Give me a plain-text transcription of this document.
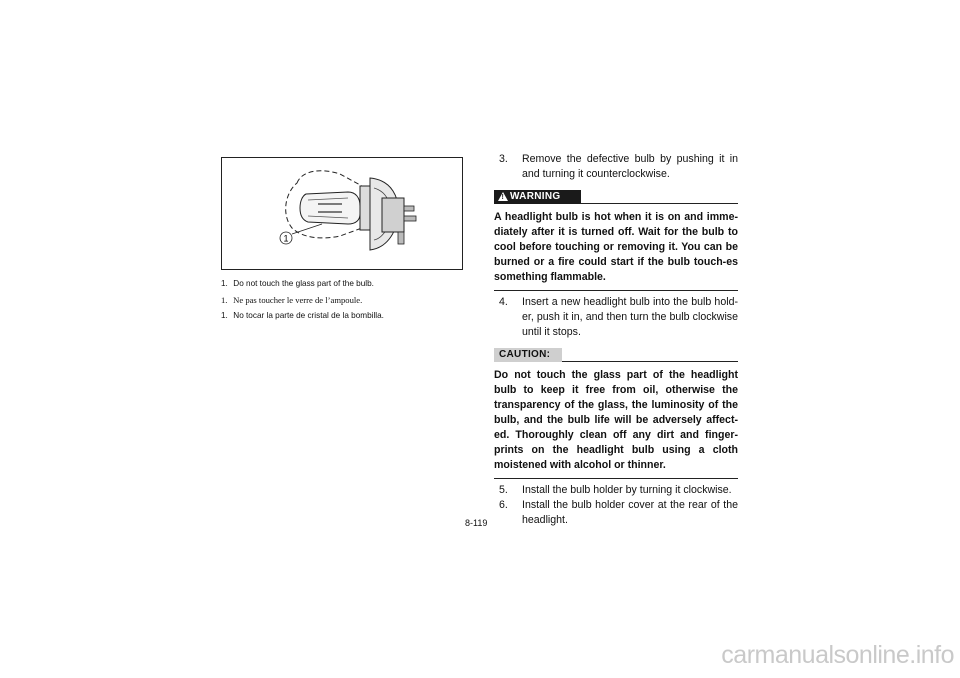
1
1. Do not touch the glass part of the bulb.
1. Ne pas toucher le verre de l’ampoule.
1. No tocar la parte de cristal de la bombilla.
3. Remove the defective bulb by pushing it in and turning it counterclockwise.
! WARNING
A headlight bulb is hot when it is on and imme-diately after it is turned off. Wait for the bulb to cool before touching or removing it. You can be burned or a fire could start if the bulb touch-es something flammable.
4. Insert a new headlight bulb into the bulb hold-er, push it in, and then turn the bulb clockwise until it stops.
CAUTION:
Do not touch the glass part of the headlight bulb to keep it free from oil, otherwise the transparency of the glass, the luminosity of the bulb, and the bulb life will be adversely affect-ed. Thoroughly clean off any dirt and finger-prints on the headlight bulb using a cloth moistened with alcohol or thinner.
5. Install the bulb holder by turning it clockwise.
6. Install the bulb holder cover at the rear of the headlight.
8-119
carmanualsonline.info
